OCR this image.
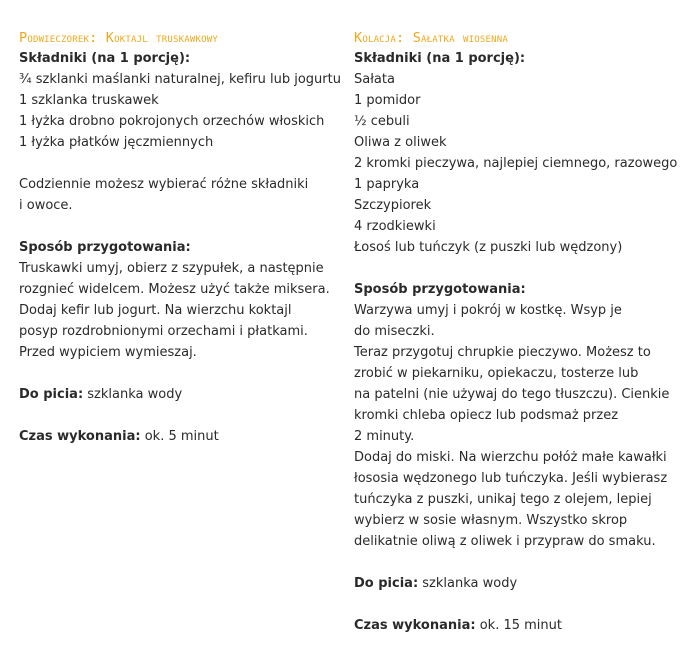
Podwieczorek: Koktajl truskawkowy
Składniki (na 1 porcję):
¾ szklanki maślanki naturalnej, kefiru lub jogurtu
1 szklanka truskawek
1 łyżka drobno pokrojonych orzechów włoskich
1 łyżka płatków jęczmiennych
Codziennie możesz wybierać różne składniki
i owoce.
Sposób przygotowania:
Truskawki umyj, obierz z szypułek, a następnie
rozgnieć widelcem. Możesz użyć także miksera.
Dodaj kefir lub jogurt. Na wierzchu koktajl
posyp rozdrobnionymi orzechami i płatkami.
Przed wypiciem wymieszaj.
Do picia: szklanka wody
Czas wykonania: ok. 5 minut
Kolacja: Sałatka wiosenna
Składniki (na 1 porcję):
Sałata
1 pomidor
½ cebuli
Oliwa z oliwek
2 kromki pieczywa, najlepiej ciemnego, razowego
1 papryka
Szczypiorek
4 rzodkiewki
Łosoś lub tuńczyk (z puszki lub wędzony)
Sposób przygotowania:
Warzywa umyj i pokrój w kostkę. Wsyp je
do miseczki.
Teraz przygotuj chrupkie pieczywo. Możesz to
zrobić w piekarniku, opiekaczu, tosterze lub
na patelni (nie używaj do tego tłuszczu). Cienkie
kromki chleba opiecz lub podsmaż przez
2 minuty.
Dodaj do miski. Na wierzchu połóż małe kawałki
łososia wędzonego lub tuńczyka. Jeśli wybierasz
tuńczyka z puszki, unikaj tego z olejem, lepiej
wybierz w sosie własnym. Wszystko skrop
delikatnie oliwą z oliwek i przypraw do smaku.
Do picia: szklanka wody
Czas wykonania: ok. 15 minut
